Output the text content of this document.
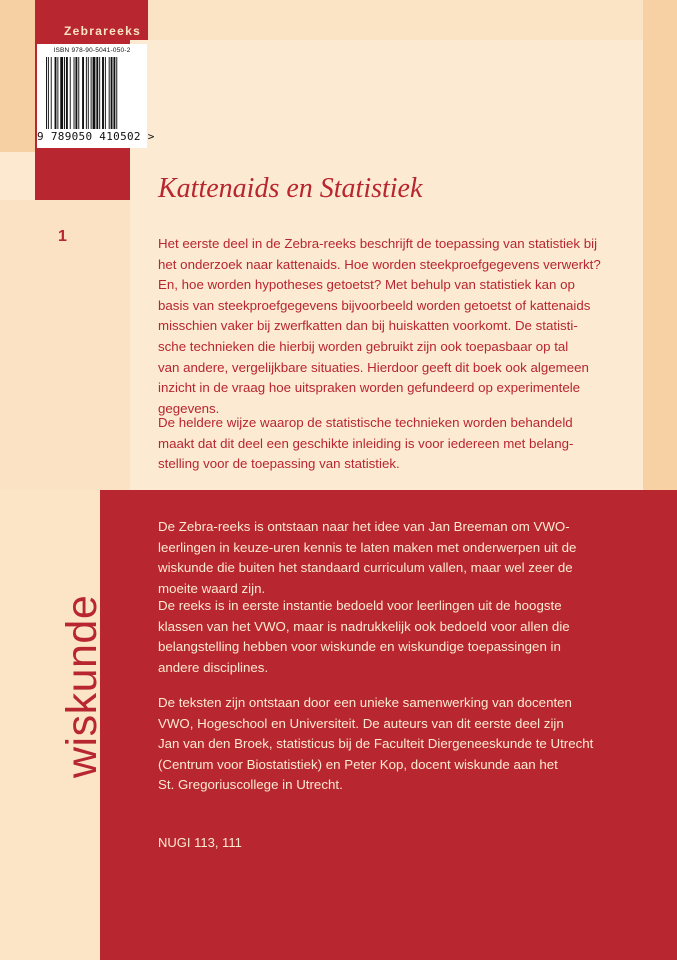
Zebrareeks
ISBN 978-90-5041-050-2
9 789050 410502 >
1
Kattenaids en Statistiek
wiskunde

Het eerste deel in de Zebra-reeks beschrijft de toepassing van statistiek bij
het onderzoek naar kattenaids. Hoe worden steekproefgegevens verwerkt?
En, hoe worden hypotheses getoetst? Met behulp van statistiek kan op
basis van steekproefgegevens bijvoorbeeld worden getoetst of kattenaids
misschien vaker bij zwerfkatten dan bij huiskatten voorkomt. De statisti-
sche technieken die hierbij worden gebruikt zijn ook toepasbaar op tal
van andere, vergelijkbare situaties. Hierdoor geeft dit boek ook algemeen
inzicht in de vraag hoe uitspraken worden gefundeerd op experimentele
gegevens.

De heldere wijze waarop de statistische technieken worden behandeld
maakt dat dit deel een geschikte inleiding is voor iedereen met belang-
stelling voor de toepassing van statistiek.

De Zebra-reeks is ontstaan naar het idee van Jan Breeman om VWO-
leerlingen in keuze-uren kennis te laten maken met onderwerpen uit de
wiskunde die buiten het standaard curriculum vallen, maar wel zeer de
moeite waard zijn.

De reeks is in eerste instantie bedoeld voor leerlingen uit de hoogste
klassen van het VWO, maar is nadrukkelijk ook bedoeld voor allen die
belangstelling hebben voor wiskunde en wiskundige toepassingen in
andere disciplines.

De teksten zijn ontstaan door een unieke samenwerking van docenten
VWO, Hogeschool en Universiteit. De auteurs van dit eerste deel zijn
Jan van den Broek, statisticus bij de Faculteit Diergeneeskunde te Utrecht
(Centrum voor Biostatistiek) en Peter Kop, docent wiskunde aan het
St. Gregoriuscollege in Utrecht.

NUGI 113, 111
